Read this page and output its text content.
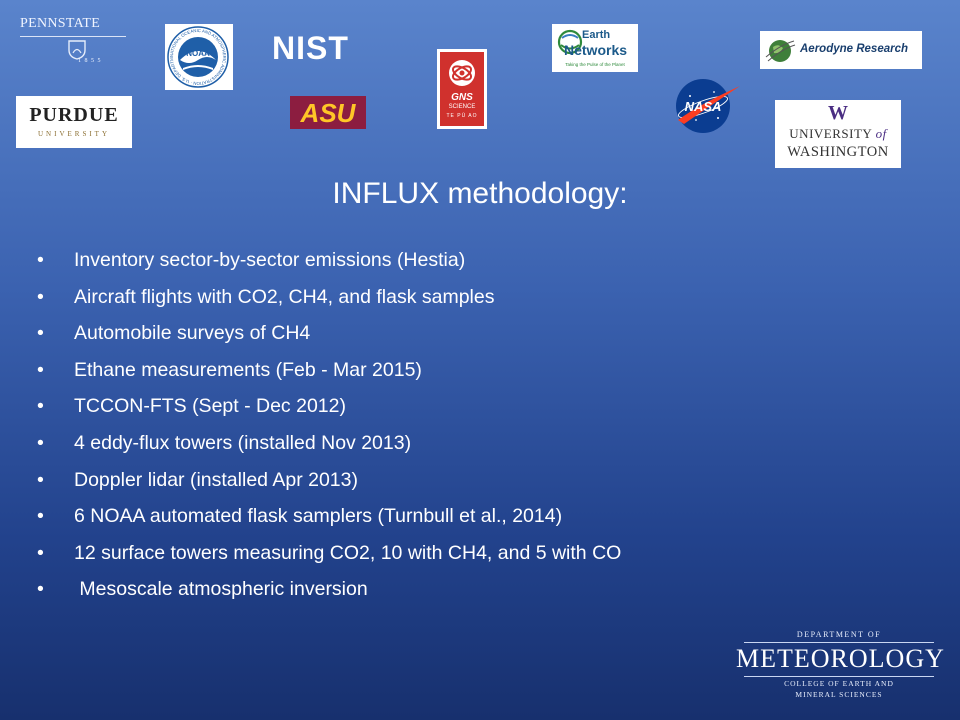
PENNSTATE
1 8 5 5
NATIONAL OCEANIC AND ATMOSPHERIC ADMINISTRATION · U.S. DEPARTM
NOAA NIST
PURDUE
UNIVERSITY
ASU
GNS
SCIENCE
TE PŪ AO
Earth
Networks
Taking the Pulse of the Planet
NASA
Aerodyne Research
W
UNIVERSITY of
WASHINGTON
INFLUX methodology:
• Inventory sector-by-sector emissions (Hestia)
• Aircraft flights with CO2, CH4, and flask samples
• Automobile surveys of CH4
• Ethane measurements (Feb - Mar 2015)
• TCCON-FTS (Sept - Dec 2012)
• 4 eddy-flux towers (installed Nov 2013)
• Doppler lidar (installed Apr 2013)
• 6 NOAA automated flask samplers (Turnbull et al., 2014)
• 12 surface towers measuring CO2, 10 with CH4, and 5 with CO
• Mesoscale atmospheric inversion
DEPARTMENT OF
METEOROLOGY
COLLEGE OF EARTH AND
MINERAL SCIENCES
